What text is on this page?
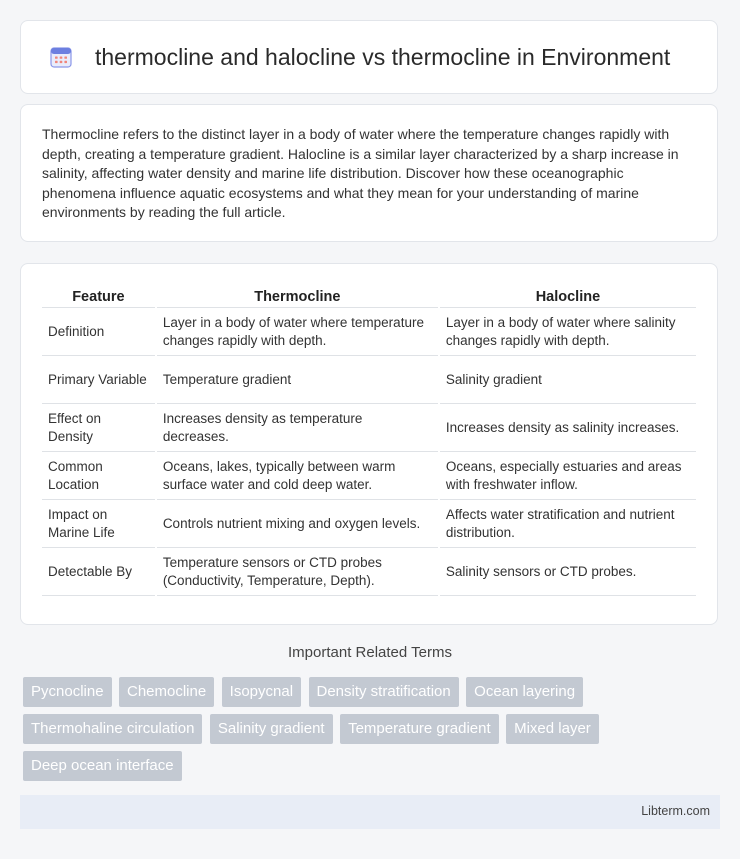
thermocline and halocline vs thermocline in Environment

Thermocline refers to the distinct layer in a body of water where the temperature changes rapidly with depth, creating a temperature gradient. Halocline is a similar layer characterized by a sharp increase in salinity, affecting water density and marine life distribution. Discover how these oceanographic phenomena influence aquatic ecosystems and what they mean for your understanding of marine environments by reading the full article.

Feature	Thermocline	Halocline
Definition	Layer in a body of water where temperature changes rapidly with depth.	Layer in a body of water where salinity changes rapidly with depth.
Primary Variable	Temperature gradient	Salinity gradient
Effect on Density	Increases density as temperature decreases.	Increases density as salinity increases.
Common Location	Oceans, lakes, typically between warm surface water and cold deep water.	Oceans, especially estuaries and areas with freshwater inflow.
Impact on Marine Life	Controls nutrient mixing and oxygen levels.	Affects water stratification and nutrient distribution.
Detectable By	Temperature sensors or CTD probes (Conductivity, Temperature, Depth).	Salinity sensors or CTD probes.
Important Related Terms
Pycnocline Chemocline Isopycnal Density stratification Ocean layering Thermohaline circulation Salinity gradient Temperature gradient Mixed layer Deep ocean interface
Libterm.com
